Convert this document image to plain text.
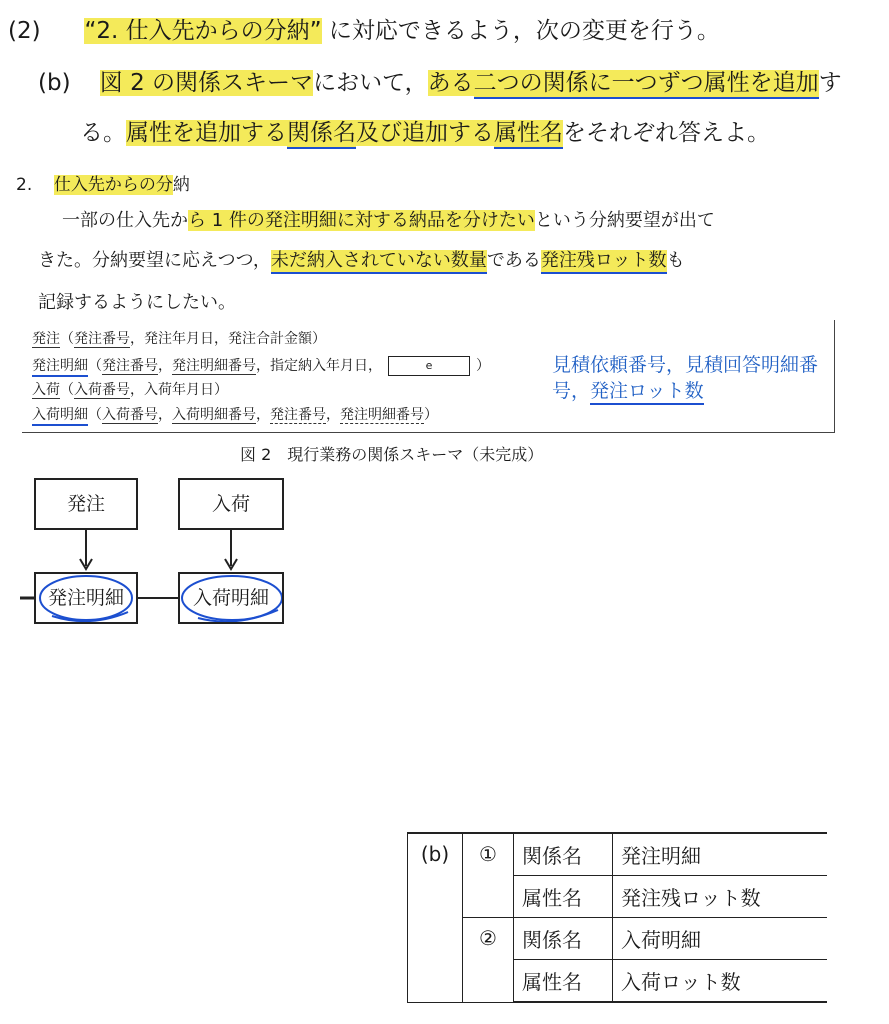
(2) “2. 仕入先からの分納” に対応できるよう，次の変更を行う。
(b) 図 2 の関係スキーマにおいて，ある二つの関係に一つずつ属性を追加す
る。属性を追加する関係名及び追加する属性名をそれぞれ答えよ。
2. 仕入先からの分納
一部の仕入先から 1 件の発注明細に対する納品を分けたいという分納要望が出て
きた。分納要望に応えつつ，未だ納入されていない数量である発注残ロット数も
記録するようにしたい。
発注（発注番号，発注年月日，発注合計金額）
発注明細（発注番号，発注明細番号，指定納入年月日，	e	）
入荷（入荷番号，入荷年月日）
入荷明細（入荷番号，入荷明細番号，発注番号，発注明細番号）
見積依頼番号，見積回答明細番
号，発注ロット数
図 2　現行業務の関係スキーマ（未完成）
発注	入荷
発注明細	入荷明細
(b)	①	関係名	発注明細
		属性名	発注残ロット数
	②	関係名	入荷明細
		属性名	入荷ロット数
